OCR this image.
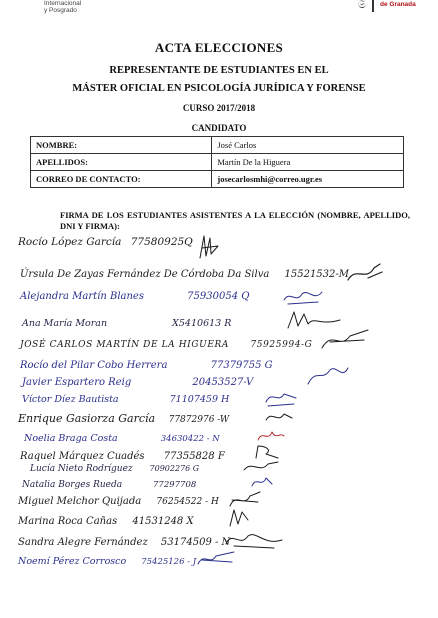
Internacional
y Posgrado	𝔖 de Granada
ACTA ELECCIONES
REPRESENTANTE DE ESTUDIANTES EN EL
MÁSTER OFICIAL EN PSICOLOGÍA JURÍDICA Y FORENSE
CURSO 2017/2018
CANDIDATO
NOMBRE:	José Carlos
APELLIDOS:	Martín De la Higuera
CORREO DE CONTACTO:	josecarlosmhi@correo.ugr.es
FIRMA DE LOS ESTUDIANTES ASISTENTES A LA ELECCIÓN (NOMBRE, APELLIDO, DNI Y FIRMA):
Rocío López García 77580925Q
Úrsula De Zayas Fernández De Córdoba Da Silva 15521532-M
Alejandra Martín Blanes	75930054 Q
Ana María Moran	X5410613 R
JOSÉ CARLOS MARTÍN DE LA HIGUERA 75925994-G
Rocío del Pilar Cobo Herrera	77379755 G
Javier Espartero Reig	20453527-V
Víctor Díez Bautista	71107459 H
Enrique Gasiorza García 77872976 -W
Noelia Braga Costa	34630422 - N
Raquel Márquez Cuadés 77355828 F
Lucía Nieto Rodríguez 70902276 G
Natalia Borges Rueda	77297708
Miguel Melchor Quijada 76254522 - H
Marina Roca Cañas 41531248 X
Sandra Alegre Fernández 53174509 - N
Noemí Pérez Corrosco 75425126 - J
